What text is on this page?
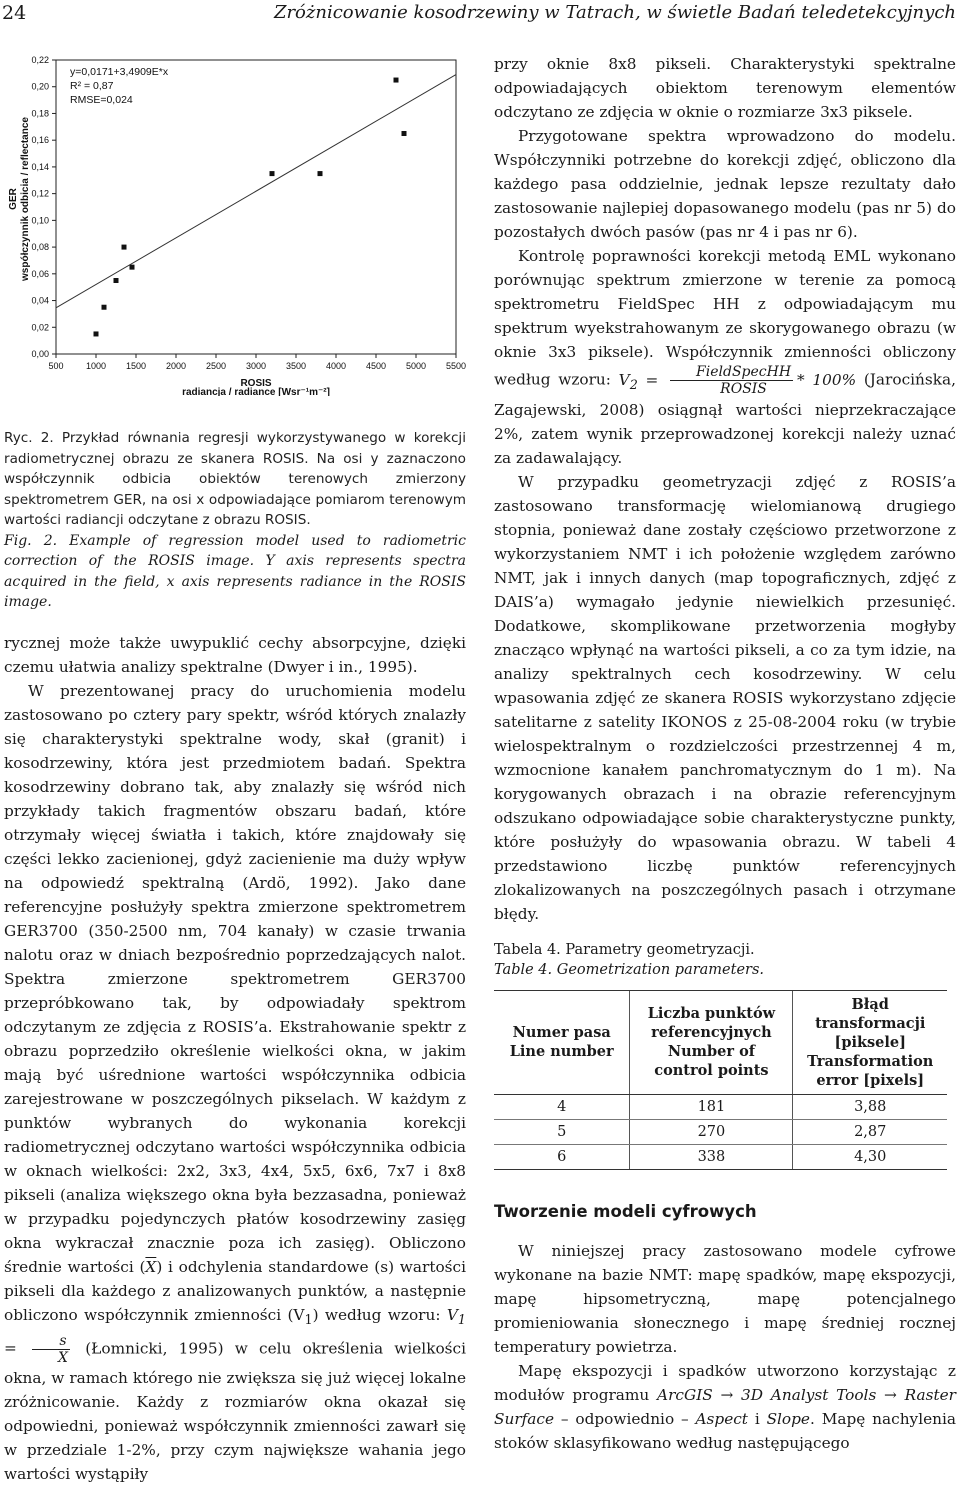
24	Zróżnicowanie kosodrzewiny w Tatrach, w świetle Badań teledetekcyjnych
GER współczynnik odbicia / reflectance
0,00
0,02
0,04
0,06
0,08
0,10
0,12
0,14
0,16
0,18
0,20
0,22
500 1000 1500 2000 2500 3000 3500 4000 4500 5000 5500
y=0,0171+3,4909E*x
R² = 0,87
RMSE=0,024
ROSIS
radiancja / radiance [Wsr⁻¹m⁻²]

Ryc. 2. Przykład równania regresji wykorzystywanego w korekcji radiometrycznej obrazu ze skanera ROSIS. Na osi y zaznaczono współczynnik odbicia obiektów terenowych zmierzony spektrometrem GER, na osi x odpowiadające pomiarom terenowym wartości radiancji odczytane z obrazu ROSIS.

Fig. 2. Example of regression model used to radiometric correction of the ROSIS image. Y axis represents spectra acquired in the field, x axis represents radiance in the ROSIS image.

rycznej może także uwypuklić cechy absorpcyjne, dzięki czemu ułatwia analizy spektralne (Dwyer i in., 1995).

W prezentowanej pracy do uruchomienia modelu zastosowano po cztery pary spektr, wśród których znalazły się charakterystyki spektralne wody, skał (granit) i kosodrzewiny, która jest przedmiotem badań. Spektra kosodrzewiny dobrano tak, aby znalazły się wśród nich przykłady takich fragmentów obszaru badań, które otrzymały więcej światła i takich, które znajdowały się części lekko zacienionej, gdyż zacienienie ma duży wpływ na odpowiedź spektralną (Ardö, 1992). Jako dane referencyjne posłużyły spektra zmierzone spektrometrem GER3700 (350-2500 nm, 704 kanały) w czasie trwania nalotu oraz w dniach bezpośrednio poprzedzających nalot. Spektra zmierzone spektrometrem GER3700 przepróbkowano tak, by odpowiadały spektrom odczytanym ze zdjęcia z ROSIS’a. Ekstrahowanie spektr z obrazu poprzedziło określenie wielkości okna, w jakim mają być uśrednione wartości współczynnika odbicia zarejestrowane w poszczególnych pikselach. W każdym z punktów wybranych do wykonania korekcji radiometrycznej odczytano wartości współczynnika odbicia w oknach wielkości: 2x2, 3x3, 4x4, 5x5, 6x6, 7x7 i 8x8 pikseli (analiza większego okna była bezzasadna, ponieważ w przypadku pojedynczych płatów kosodrzewiny zasięg okna wykraczał znacznie poza ich zasięg). Obliczono średnie wartości $(\overline{X})$ i odchylenia standardowe (s) wartości pikseli dla każdego z analizowanych punktów, a następnie obliczono współczynnik zmienności $(V_1)$ według wzoru: $V_1 = \frac{s}{X}$ (Łomnicki, 1995) w celu określenia wielkości okna, w ramach którego nie zwiększa się już więcej lokalne zróżnicowanie. Każdy z rozmiarów okna okazał się odpowiedni, ponieważ współczynnik zmienności zawarł się w przedziale 1-2%, przy czym największe wahania jego wartości wystąpiły

przy oknie 8x8 pikseli. Charakterystyki spektralne odpowiadających obiektom terenowym elementów odczytano ze zdjęcia w oknie o rozmiarze 3x3 piksele.

Przygotowane spektra wprowadzono do modelu. Współczynniki potrzebne do korekcji zdjęć, obliczono dla każdego pasa oddzielnie, jednak lepsze rezultaty dało zastosowanie najlepiej dopasowanego modelu (pas nr 5) do pozostałych dwóch pasów (pas nr 4 i pas nr 6).

Kontrolę poprawności korekcji metodą EML wykonano porównując spektrum zmierzone w terenie za pomocą spektrometru FieldSpec HH z odpowiadającym mu spektrum wyekstrahowanym ze skorygowanego obrazu (w oknie 3x3 piksele). Współczynnik zmienności obliczony według wzoru: $V_2 = \frac{\text{FieldSpecHH}}{\text{ROSIS}} * 100\%$ (Jarocińska, Zagajewski, 2008) osiągnął wartości nieprzekraczające 2%, zatem wynik przeprowadzonej korekcji należy uznać za zadawalający.

W przypadku geometryzacji zdjęć z ROSIS’a zastosowano transformację wielomianową drugiego stopnia, ponieważ dane zostały częściowo przetworzone z wykorzystaniem NMT i ich położenie względem zarówno NMT, jak i innych danych (map topograficznych, zdjęć z DAIS’a) wymagało jedynie niewielkich przesunięć. Dodatkowe, skomplikowane przetworzenia mogłyby znacząco wpłynąć na wartości pikseli, a co za tym idzie, na analizy spektralnych cech kosodrzewiny. W celu wpasowania zdjęć ze skanera ROSIS wykorzystano zdjęcie satelitarne z satelity IKONOS z 25-08-2004 roku (w trybie wielospektralnym o rozdzielczości przestrzennej 4 m, wzmocnione kanałem panchromatycznym do 1 m). Na korygowanych obrazach i na obrazie referencyjnym odszukano odpowiadające sobie charakterystyczne punkty, które posłużyły do wpasowania obrazu. W tabeli 4 przedstawiono liczbę punktów referencyjnych zlokalizowanych na poszczególnych pasach i otrzymane błędy.

Tabela 4. Parametry geometryzacji.
Table 4. Geometrization parameters.
Numer pasa Line number	Liczba punktów referencyjnych Number of control points	Błąd transformacji [piksele] Transformation error [pixels]
4	181	3,88
5	270	2,87
6	338	4,30
Tworzenie modeli cyfrowych

W niniejszej pracy zastosowano modele cyfrowe wykonane na bazie NMT: mapę spadków, mapę ekspozycji, mapę hipsometryczną, mapę potencjalnego promieniowania słonecznego i mapę średniej rocznej temperatury powietrza.

Mapę ekspozycji i spadków utworzono korzystając z modułów programu ArcGIS → 3D Analyst Tools → Raster Surface – odpowiednio – Aspect i Slope. Mapę nachylenia stoków sklasyfikowano według następującego
